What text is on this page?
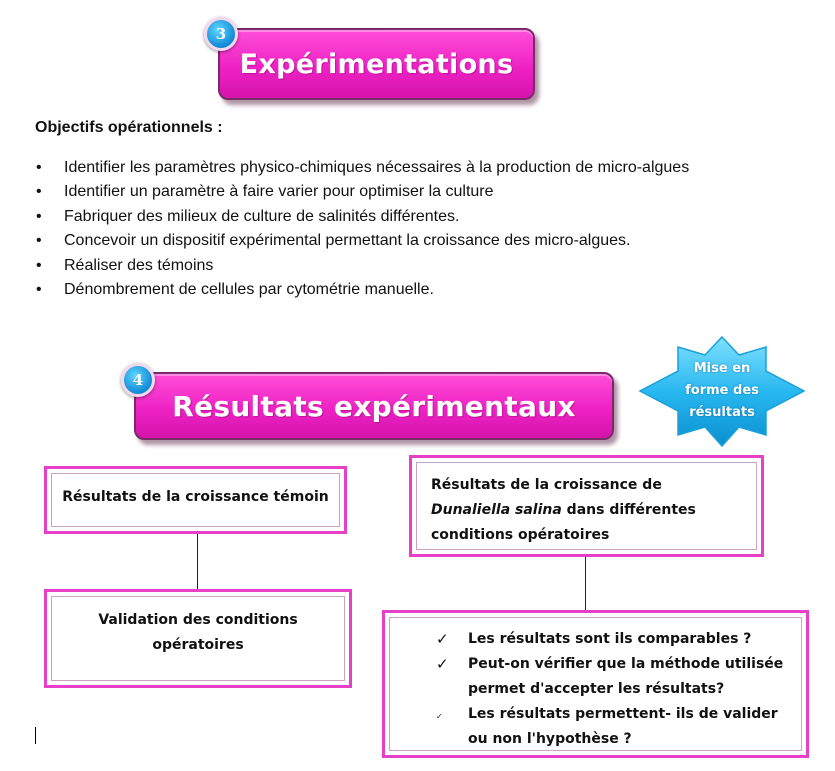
Expérimentations
3
Objectifs opérationnels :
• Identifier les paramètres physico-chimiques nécessaires à la production de micro-algues
• Identifier un paramètre à faire varier pour optimiser la culture
• Fabriquer des milieux de culture de salinités différentes.
• Concevoir un dispositif expérimental permettant la croissance des micro-algues.
• Réaliser des témoins
• Dénombrement de cellules par cytométrie manuelle.
Résultats expérimentaux
4
Mise en forme des résultats
Résultats de la croissance témoin
Résultats de la croissance de Dunaliella salina dans différentes conditions opératoires
Validation des conditions opératoires	✓ Les résultats sont ils comparables ?
✓ Peut-on vérifier que la méthode utilisée permet d'accepter les résultats?
✓ Les résultats permettent- ils de valider ou non l'hypothèse ?
